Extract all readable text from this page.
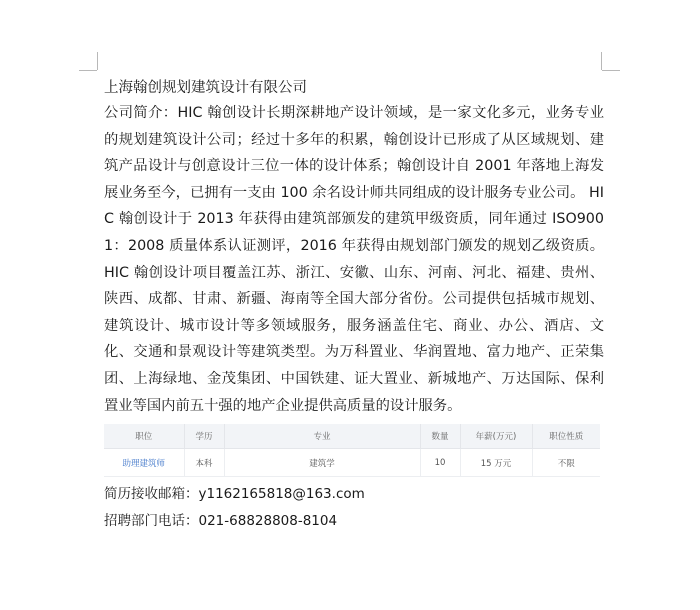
上海翰创规划建筑设计有限公司

公司简介：HIC 翰创设计长期深耕地产设计领域，是一家文化多元，业务专业的规划建筑设计公司；经过十多年的积累，翰创设计已形成了从区域规划、建筑产品设计与创意设计三位一体的设计体系；翰创设计自 2001 年落地上海发展业务至今，已拥有一支由 100 余名设计师共同组成的设计服务专业公司。 HIC 翰创设计于 2013 年获得由建筑部颁发的建筑甲级资质，同年通过 ISO9001：2008 质量体系认证测评，2016 年获得由规划部门颁发的规划乙级资质。HIC 翰创设计项目覆盖江苏、浙江、安徽、山东、河南、河北、福建、贵州、陕西、成都、甘肃、新疆、海南等全国大部分省份。公司提供包括城市规划、建筑设计、城市设计等多领域服务，服务涵盖住宅、商业、办公、酒店、文化、交通和景观设计等建筑类型。为万科置业、华润置地、富力地产、正荣集团、上海绿地、金茂集团、中国铁建、证大置业、新城地产、万达国际、保利置业等国内前五十强的地产企业提供高质量的设计服务。

职位	学历	专业	数量	年薪(万元)	职位性质
助理建筑师	本科	建筑学	10	15 万元	不限

简历接收邮箱：y1162165818@163.com

招聘部门电话：021-68828808-8104
